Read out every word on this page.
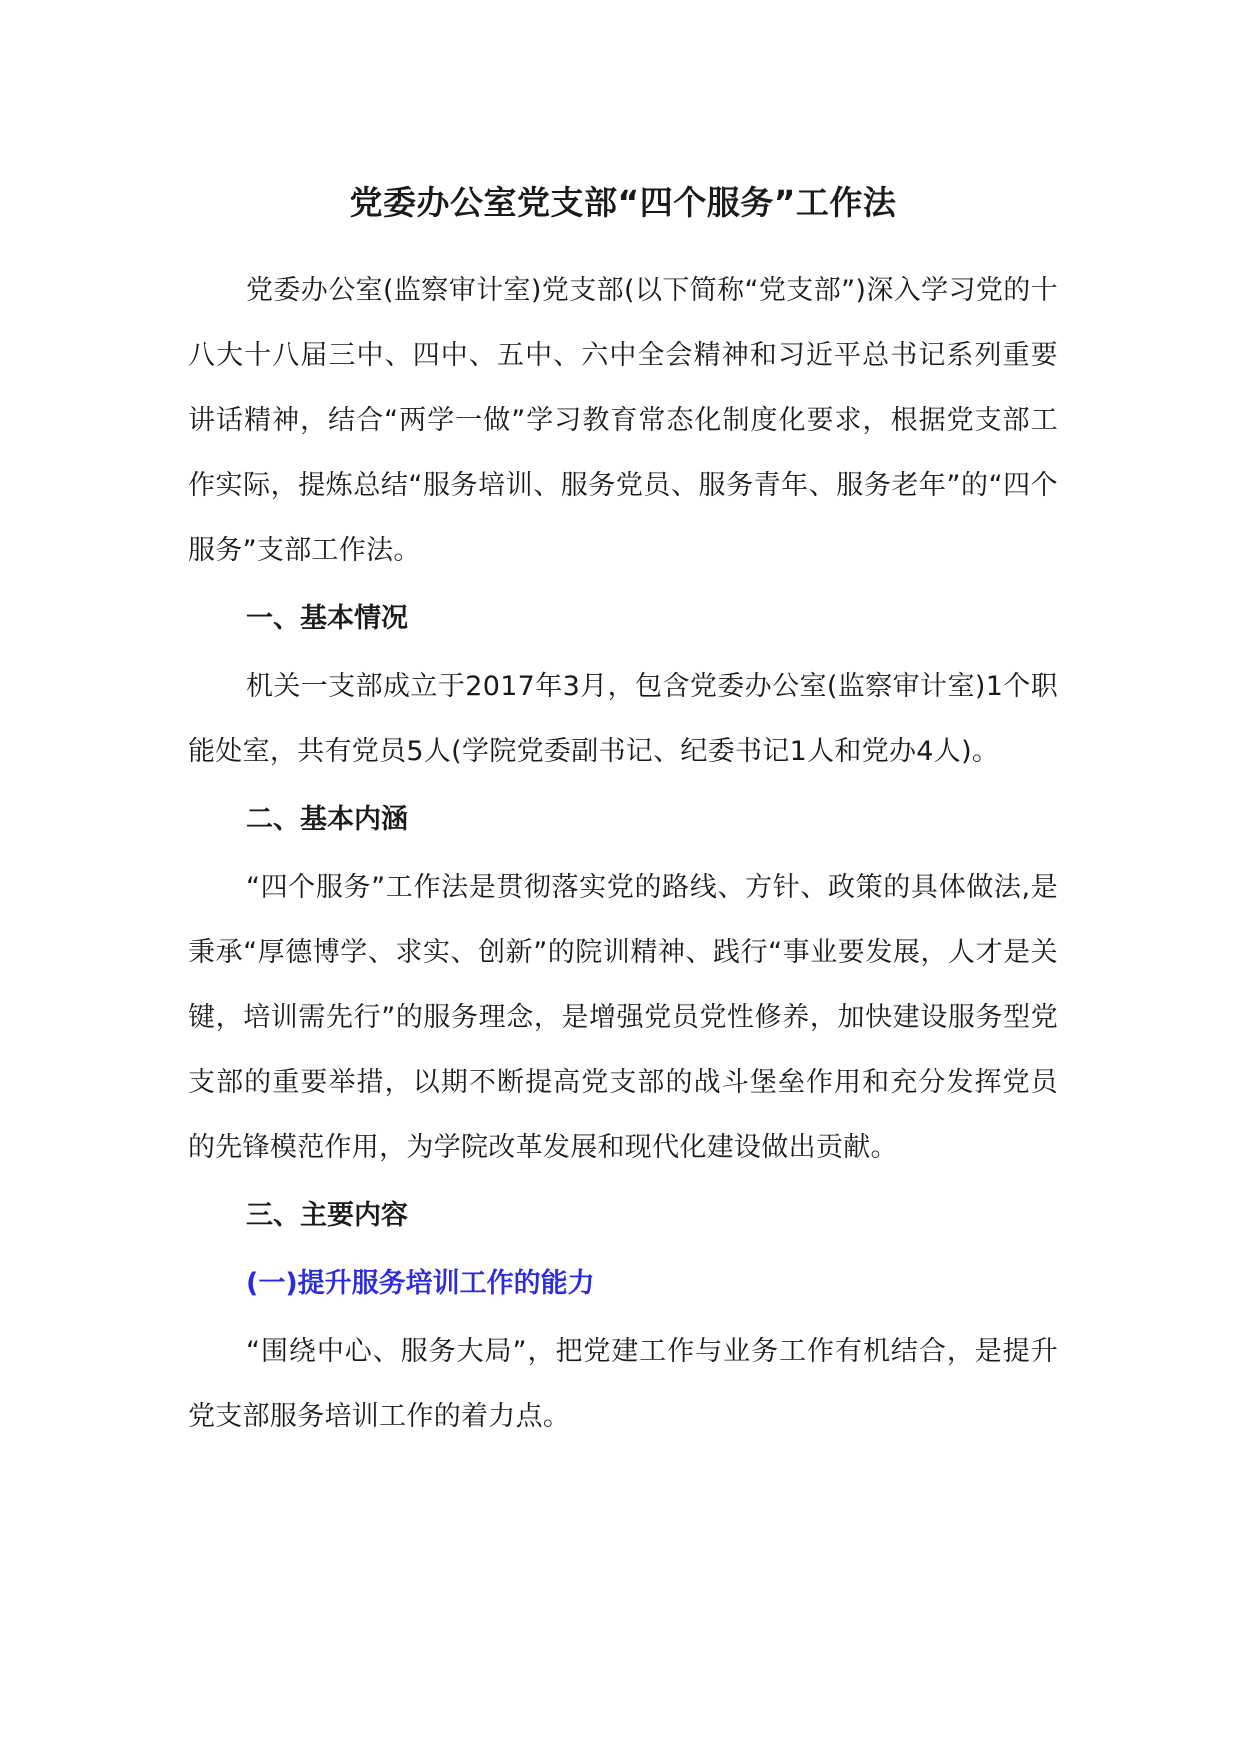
党委办公室党支部“四个服务”工作法

党委办公室(监察审计室)党支部(以下简称“党支部”)深入学习党的十八大十八届三中、四中、五中、六中全会精神和习近平总书记系列重要讲话精神，结合“两学一做”学习教育常态化制度化要求，根据党支部工作实际，提炼总结“服务培训、服务党员、服务青年、服务老年”的“四个服务”支部工作法。

一、基本情况

机关一支部成立于2017年3月，包含党委办公室(监察审计室)1个职能处室，共有党员5人(学院党委副书记、纪委书记1人和党办4人)。

二、基本内涵

“四个服务”工作法是贯彻落实党的路线、方针、政策的具体做法,是秉承“厚德博学、求实、创新”的院训精神、践行“事业要发展，人才是关键，培训需先行”的服务理念，是增强党员党性修养，加快建设服务型党支部的重要举措，以期不断提高党支部的战斗堡垒作用和充分发挥党员的先锋模范作用，为学院改革发展和现代化建设做出贡献。

三、主要内容
(一)提升服务培训工作的能力

“围绕中心、服务大局”，把党建工作与业务工作有机结合，是提升党支部服务培训工作的着力点。
